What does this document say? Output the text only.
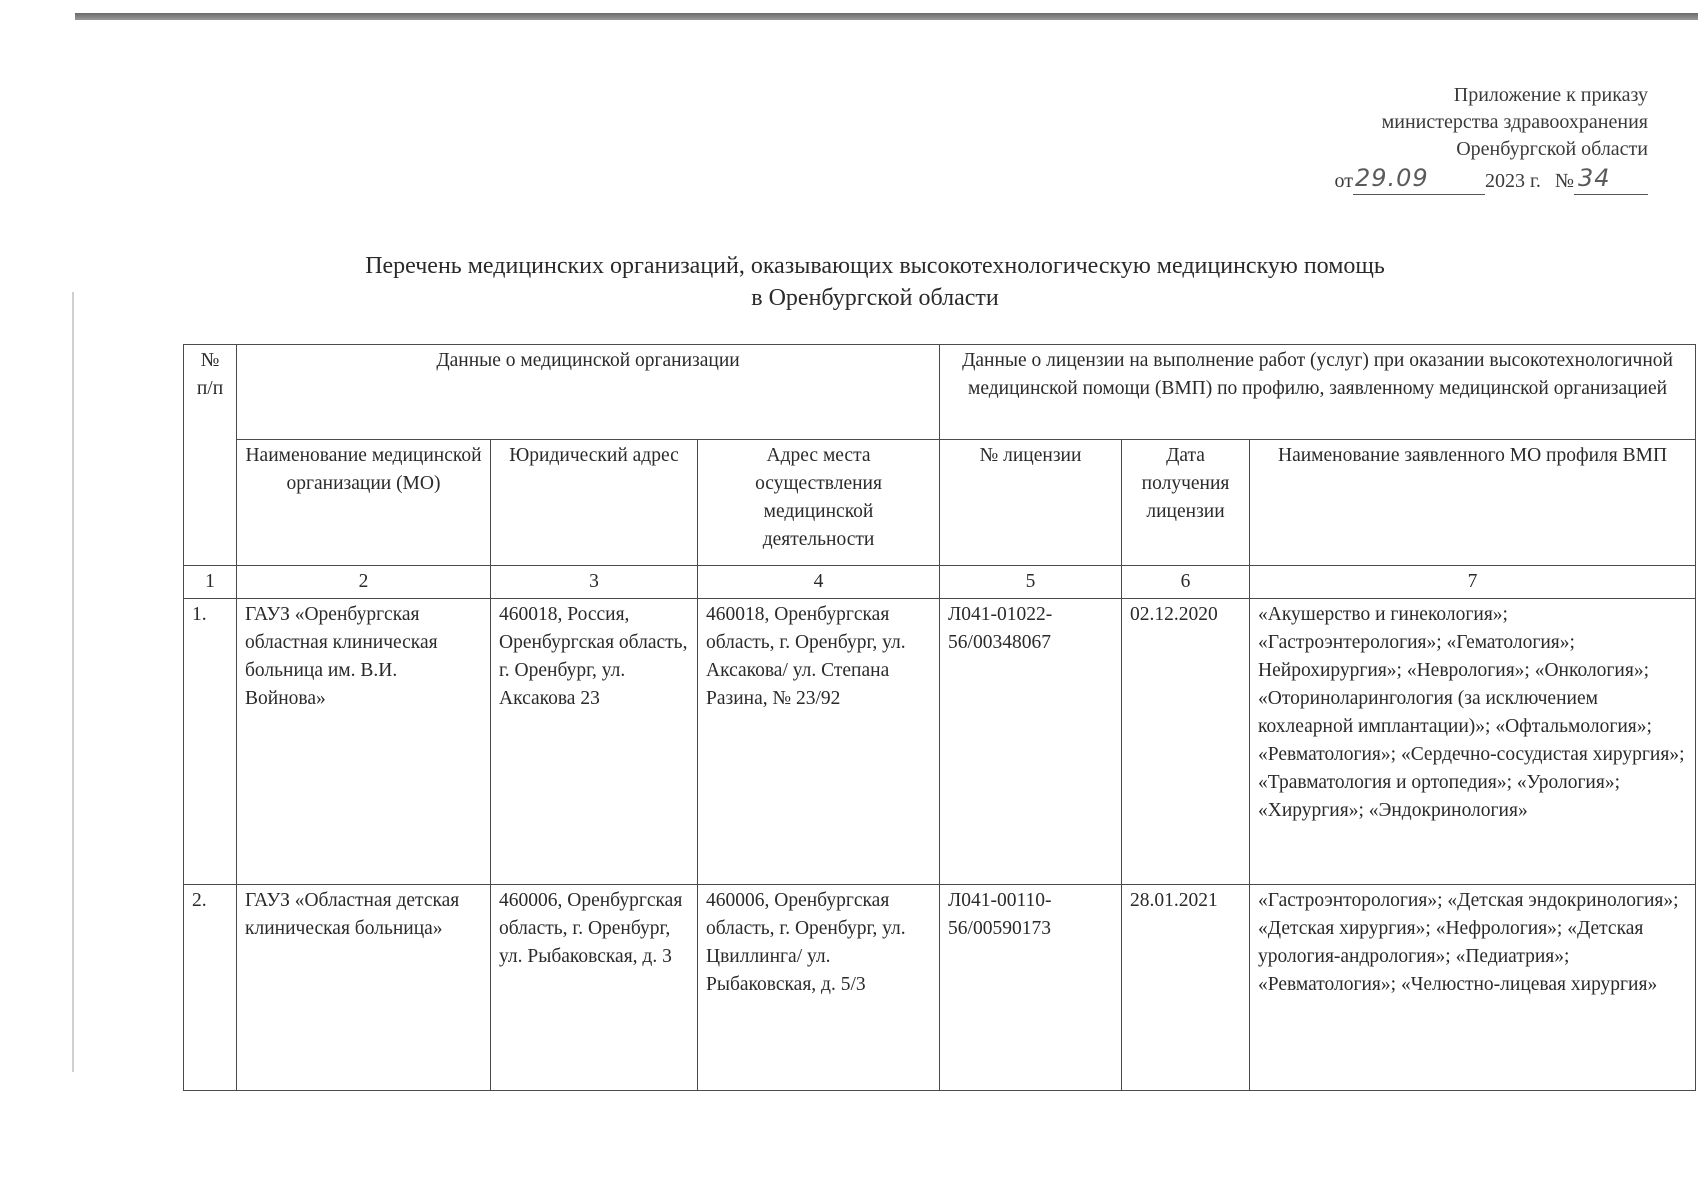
Приложение к приказу
министерства здравоохранения
Оренбургской области
от 29.09	2023 г. № 34
Перечень медицинских организаций, оказывающих высокотехнологическую медицинскую помощь
в Оренбургской области
№ п/п	Данные о медицинской организации			Данные о лицензии на выполнение работ (услуг) при оказании высокотехнологичной медицинской помощи (ВМП) по профилю, заявленному медицинской организацией		
	Наименование медицинской организации (МО)	Юридический адрес	Адрес места осуществления медицинской деятельности	№ лицензии	Дата получения лицензии	Наименование заявленного МО профиля ВМП
1	2	3	4	5	6	7
1.	ГАУЗ «Оренбургская областная клиническая больница им. В.И. Войнова»	460018, Россия, Оренбургская область, г. Оренбург, ул. Аксакова 23	460018, Оренбургская область, г. Оренбург, ул. Аксакова/ ул. Степана Разина, № 23/92	Л041-01022-56/00348067	02.12.2020	«Акушерство и гинекология»; «Гастроэнтерология»; «Гематология»; Нейрохирургия»; «Неврология»; «Онкология»; «Оториноларингология (за исключением кохлеарной имплантации)»; «Офтальмология»; «Ревматология»; «Сердечно-сосудистая хирургия»; «Травматология и ортопедия»; «Урология»; «Хирургия»; «Эндокринология»
2.	ГАУЗ «Областная детская клиническая больница»	460006, Оренбургская область, г. Оренбург, ул. Рыбаковская, д. 3	460006, Оренбургская область, г. Оренбург, ул. Цвиллинга/ ул. Рыбаковская, д. 5/3	Л041-00110-56/00590173	28.01.2021	«Гастроэнторология»; «Детская эндокринология»; «Детская хирургия»; «Нефрология»; «Детская урология-андрология»; «Педиатрия»; «Ревматология»; «Челюстно-лицевая хирургия»
